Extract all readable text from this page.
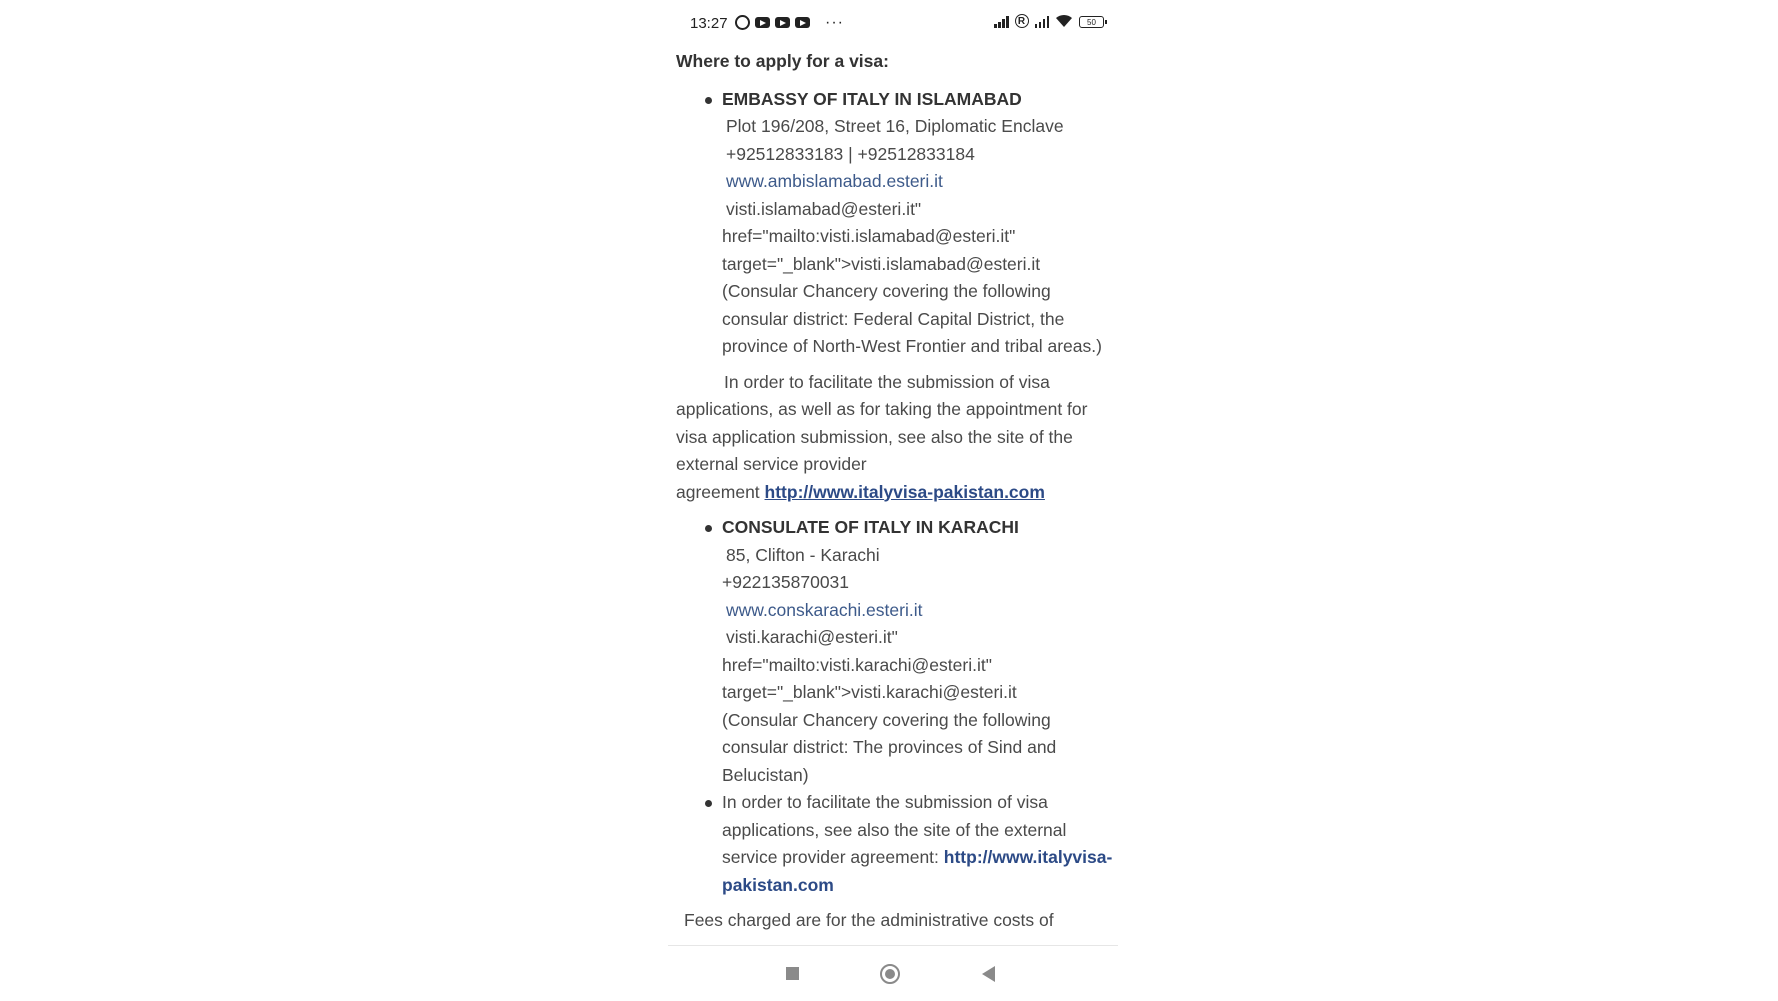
13:27	···	R	50
Where to apply for a visa:
EMBASSY OF ITALY IN ISLAMABAD
Plot 196/208, Street 16, Diplomatic Enclave
+92512833183 | +92512833184
www.ambislamabad.esteri.it
visti.islamabad@esteri.it"
href="mailto:visti.islamabad@esteri.it"
target="_blank">visti.islamabad@esteri.it
(Consular Chancery covering the following
consular district: Federal Capital District, the
province of North-West Frontier and tribal areas.)
In order to facilitate the submission of visa
applications, as well as for taking the appointment for
visa application submission, see also the site of the
external service provider
agreement http://www.italyvisa-pakistan.com
CONSULATE OF ITALY IN KARACHI
85, Clifton - Karachi
+922135870031
www.conskarachi.esteri.it
visti.karachi@esteri.it"
href="mailto:visti.karachi@esteri.it"
target="_blank">visti.karachi@esteri.it
(Consular Chancery covering the following
consular district: The provinces of Sind and
Belucistan)
In order to facilitate the submission of visa
applications, see also the site of the external
service provider agreement: http://www.italyvisa-pakistan.com
Fees charged are for the administrative costs of
